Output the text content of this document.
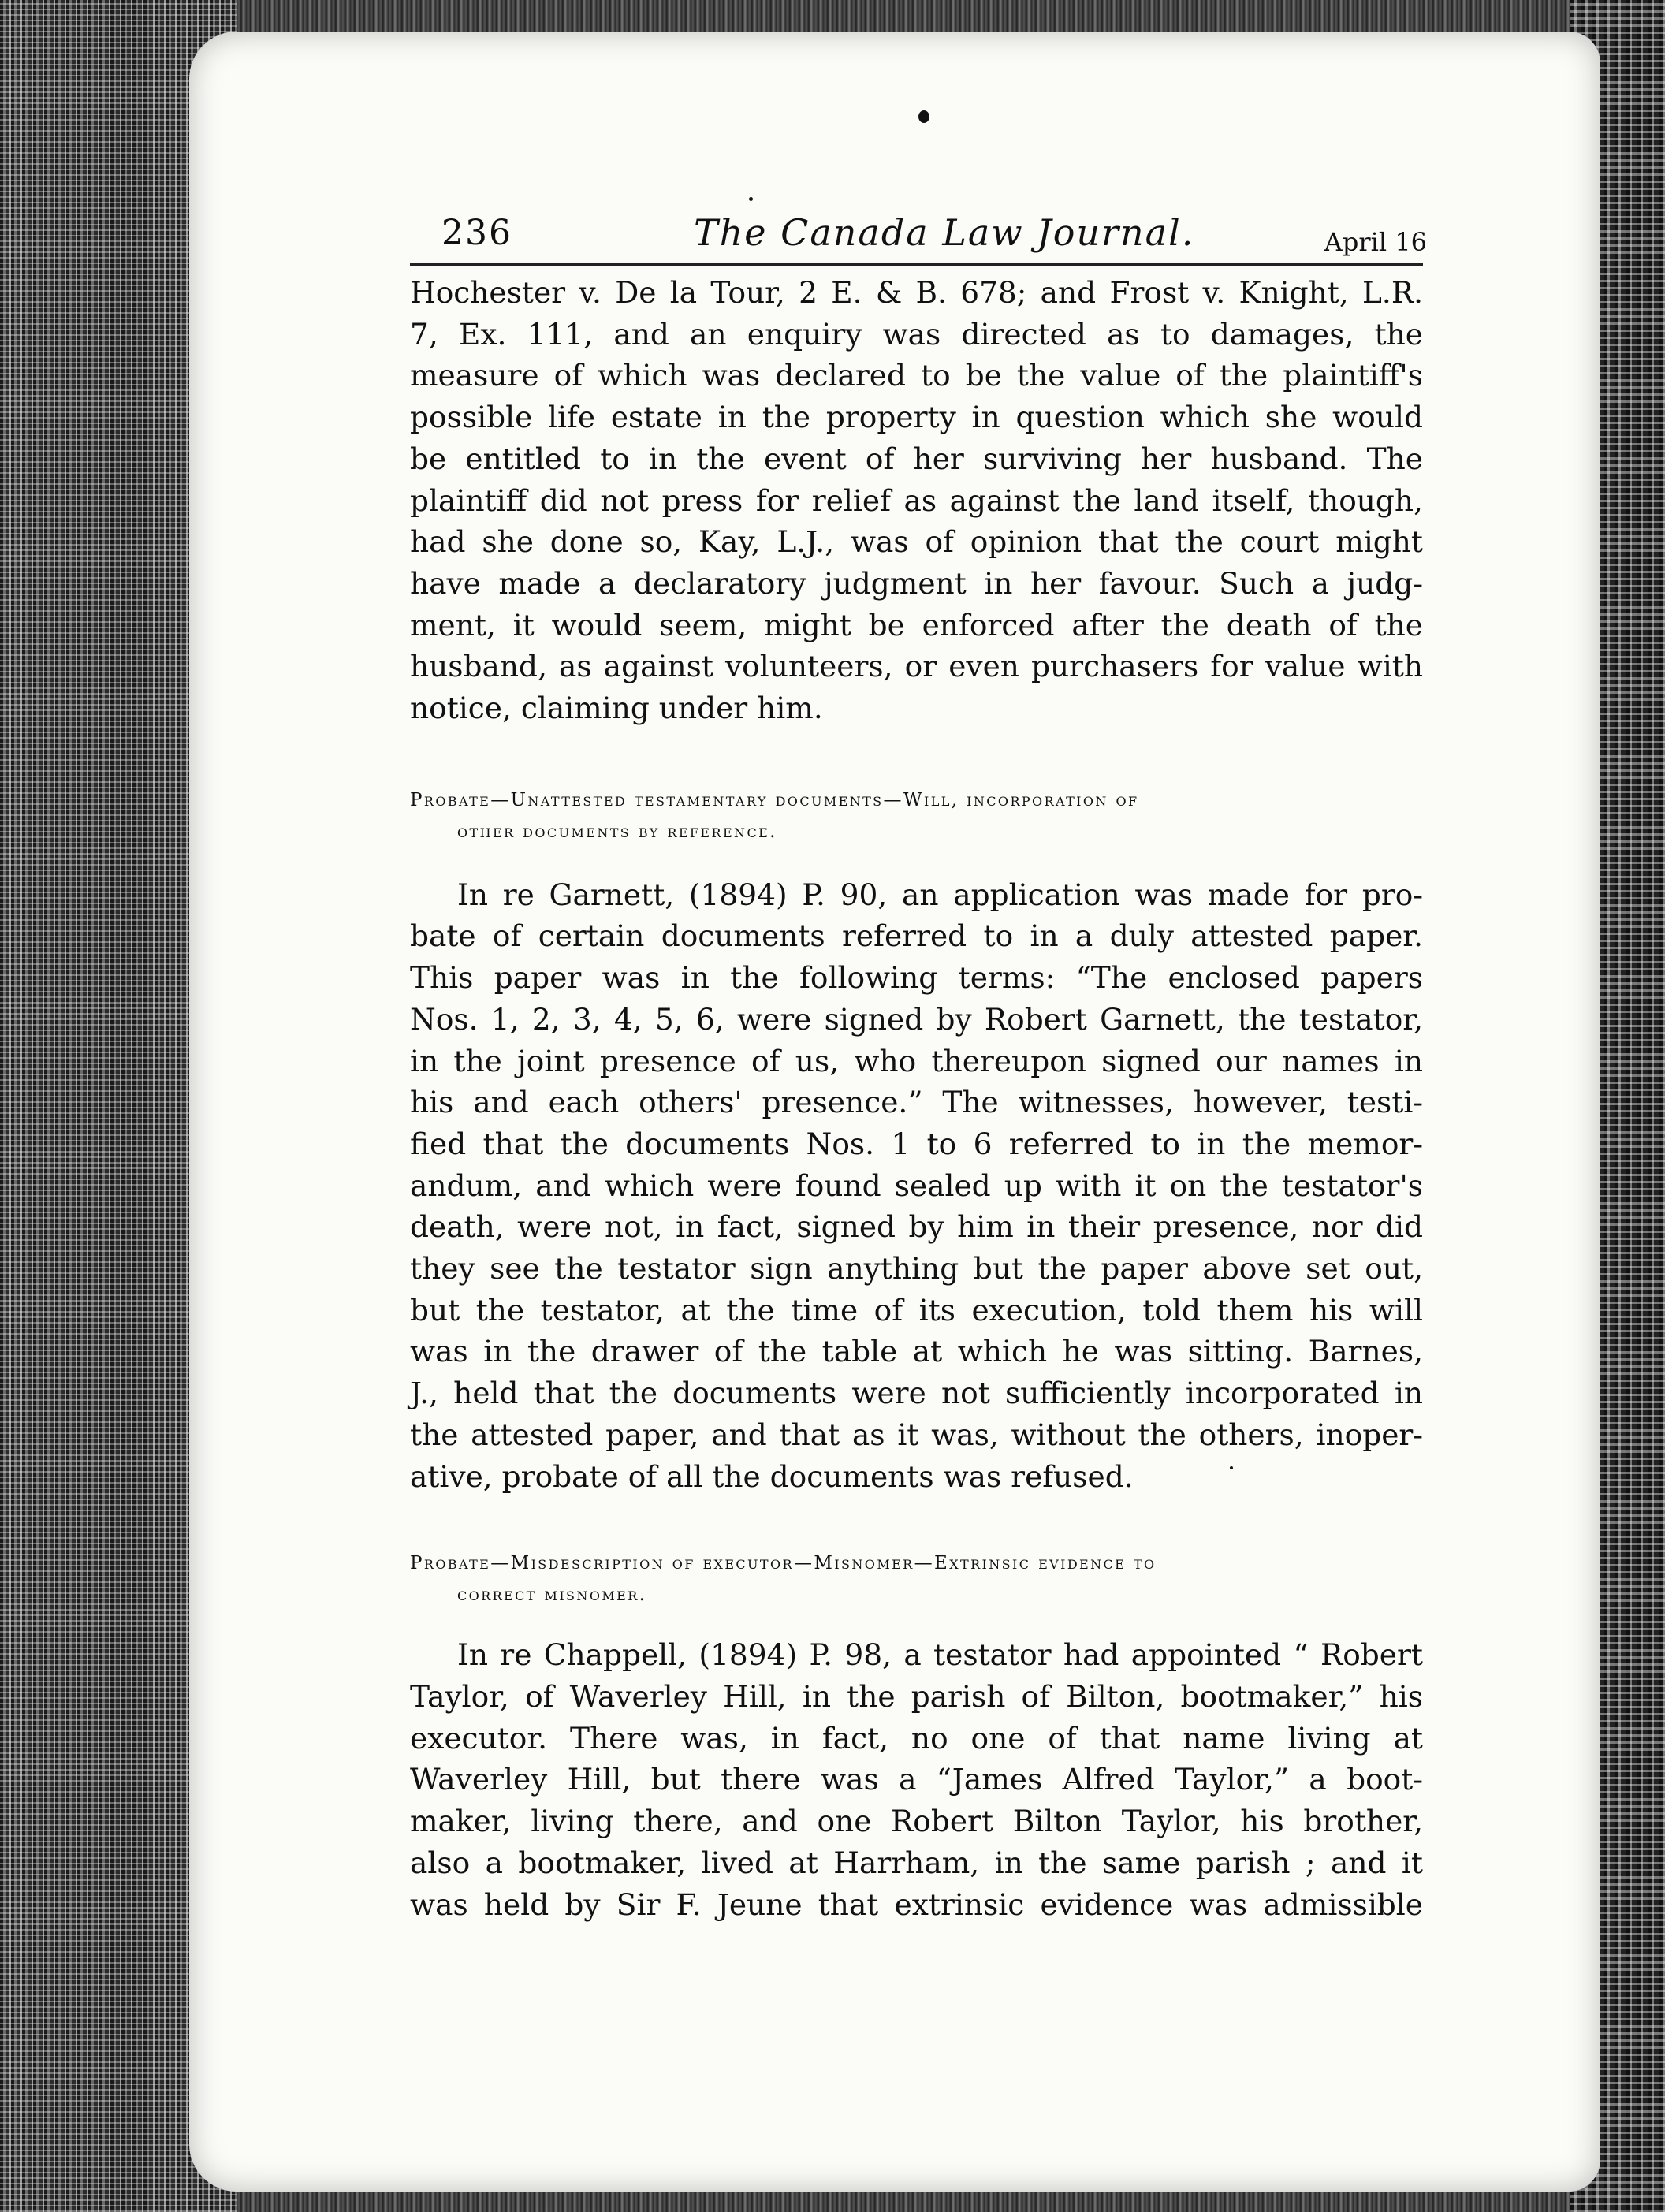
236	The Canada Law Journal.	April 16
Hochester v. De la Tour, 2 E. & B. 678; and Frost v. Knight, L.R.
7, Ex. 111, and an enquiry was directed as to damages, the
measure of which was declared to be the value of the plaintiff's
possible life estate in the property in question which she would
be entitled to in the event of her surviving her husband. The
plaintiff did not press for relief as against the land itself, though,
had she done so, Kay, L.J., was of opinion that the court might
have made a declaratory judgment in her favour. Such a judg-
ment, it would seem, might be enforced after the death of the
husband, as against volunteers, or even purchasers for value with
notice, claiming under him.
Probate—Unattested testamentary documents—Will, incorporation of
other documents by reference.
In re Garnett, (1894) P. 90, an application was made for pro-
bate of certain documents referred to in a duly attested paper.
This paper was in the following terms: “The enclosed papers
Nos. 1, 2, 3, 4, 5, 6, were signed by Robert Garnett, the testator,
in the joint presence of us, who thereupon signed our names in
his and each others' presence.” The witnesses, however, testi-
fied that the documents Nos. 1 to 6 referred to in the memor-
andum, and which were found sealed up with it on the testator's
death, were not, in fact, signed by him in their presence, nor did
they see the testator sign anything but the paper above set out,
but the testator, at the time of its execution, told them his will
was in the drawer of the table at which he was sitting. Barnes,
J., held that the documents were not sufficiently incorporated in
the attested paper, and that as it was, without the others, inoper-
ative, probate of all the documents was refused.
Probate—Misdescription of executor—Misnomer—Extrinsic evidence to
correct misnomer.
In re Chappell, (1894) P. 98, a testator had appointed “ Robert
Taylor, of Waverley Hill, in the parish of Bilton, bootmaker,” his
executor. There was, in fact, no one of that name living at
Waverley Hill, but there was a “James Alfred Taylor,” a boot-
maker, living there, and one Robert Bilton Taylor, his brother,
also a bootmaker, lived at Harrham, in the same parish ; and it
was held by Sir F. Jeune that extrinsic evidence was admissible
